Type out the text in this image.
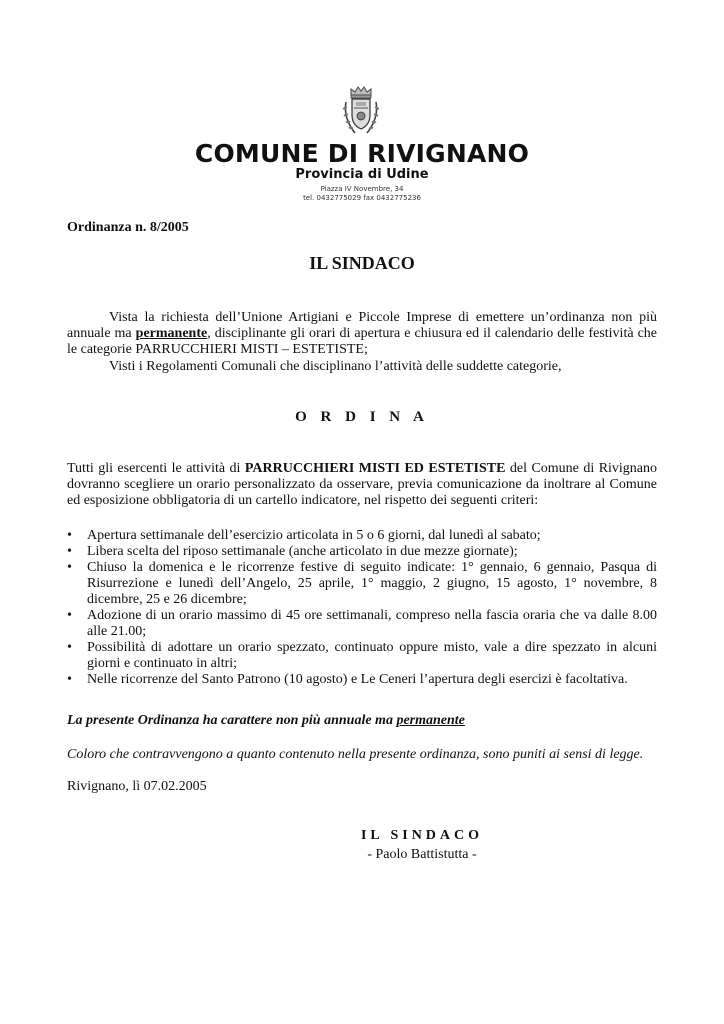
COMUNE DI RIVIGNANO
Provincia di Udine
Piazza IV Novembre, 34
tel. 0432775029 fax 0432775236
Ordinanza n. 8/2005
IL SINDACO
Vista la richiesta dell’Unione Artigiani e Piccole Imprese di emettere un’ordinanza non più annuale ma permanente, disciplinante gli orari di apertura e chiusura ed il calendario delle festività che le categorie PARRUCCHIERI MISTI – ESTETISTE;
Visti i Regolamenti Comunali che disciplinano l’attività delle suddette categorie,
O R D I N A
Tutti gli esercenti le attività di PARRUCCHIERI MISTI ED ESTETISTE del Comune di Rivignano dovranno scegliere un orario personalizzato da osservare, previa comunicazione da inoltrare al Comune ed esposizione obbligatoria di un cartello indicatore, nel rispetto dei seguenti criteri:
• Apertura settimanale dell’esercizio articolata in 5 o 6 giorni, dal lunedì al sabato;
• Libera scelta del riposo settimanale (anche articolato in due mezze giornate);
• Chiuso la domenica e le ricorrenze festive di seguito indicate: 1° gennaio, 6 gennaio, Pasqua di Risurrezione e lunedì dell’Angelo, 25 aprile, 1° maggio, 2 giugno, 15 agosto, 1° novembre, 8 dicembre, 25 e 26 dicembre;
• Adozione di un orario massimo di 45 ore settimanali, compreso nella fascia oraria che va dalle 8.00 alle 21.00;
• Possibilità di adottare un orario spezzato, continuato oppure misto, vale a dire spezzato in alcuni giorni e continuato in altri;
• Nelle ricorrenze del Santo Patrono (10 agosto) e Le Ceneri l’apertura degli esercizi è facoltativa.
La presente Ordinanza ha carattere non più annuale ma permanente
Coloro che contravvengono a quanto contenuto nella presente ordinanza, sono puniti ai sensi di legge.
Rivignano, lì 07.02.2005
IL SINDACO
- Paolo Battistutta -
